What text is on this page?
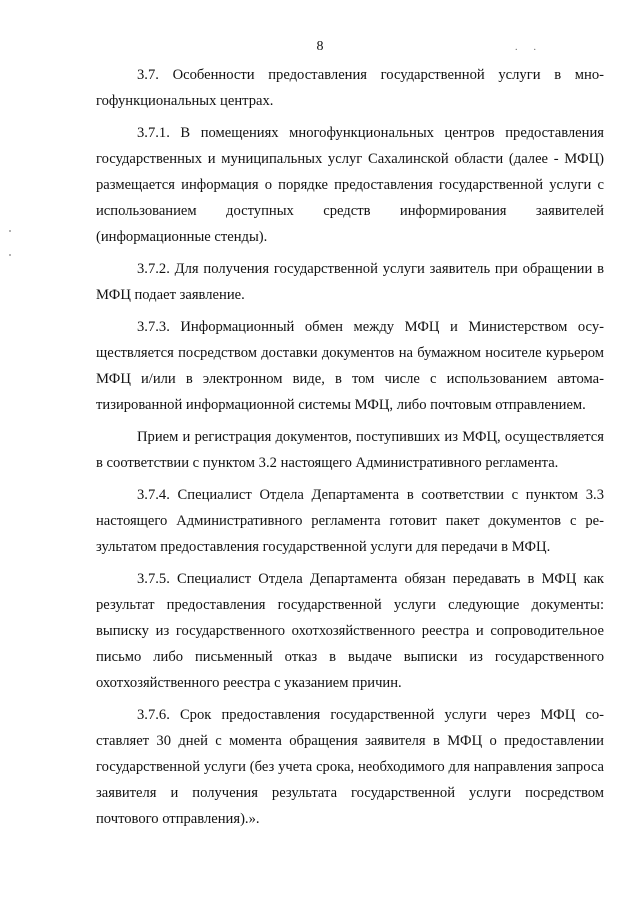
8	..

3.7. Особенности предоставления государственной услуги в многофункциональных центрах.

3.7.1. В помещениях многофункциональных центров предоставления государственных и муниципальных услуг Сахалинской области (далее - МФЦ) размещается информация о порядке предоставления государственной услуги с использованием доступных средств информирования заявителей (информационные стенды).

3.7.2. Для получения государственной услуги заявитель при обращении в МФЦ подает заявление.

3.7.3. Информационный обмен между МФЦ и Министерством осуществляется посредством доставки документов на бумажном носителе курьером МФЦ и/или в электронном виде, в том числе с использованием автоматизированной информационной системы МФЦ, либо почтовым отправлением.

Прием и регистрация документов, поступивших из МФЦ, осуществляется в соответствии с пунктом 3.2 настоящего Административного регламента.

3.7.4. Специалист Отдела Департамента в соответствии с пунктом 3.3 настоящего Административного регламента готовит пакет документов с результатом предоставления государственной услуги для передачи в МФЦ.

3.7.5. Специалист Отдела Департамента обязан передавать в МФЦ как результат предоставления государственной услуги следующие документы: выписку из государственного охотхозяйственного реестра и сопроводительное письмо либо письменный отказ в выдаче выписки из государственного охотхозяйственного реестра с указанием причин.

3.7.6. Срок предоставления государственной услуги через МФЦ составляет 30 дней с момента обращения заявителя в МФЦ о предоставлении государственной услуги (без учета срока, необходимого для направления запроса заявителя и получения результата государственной услуги посредством почтового отправления).».
